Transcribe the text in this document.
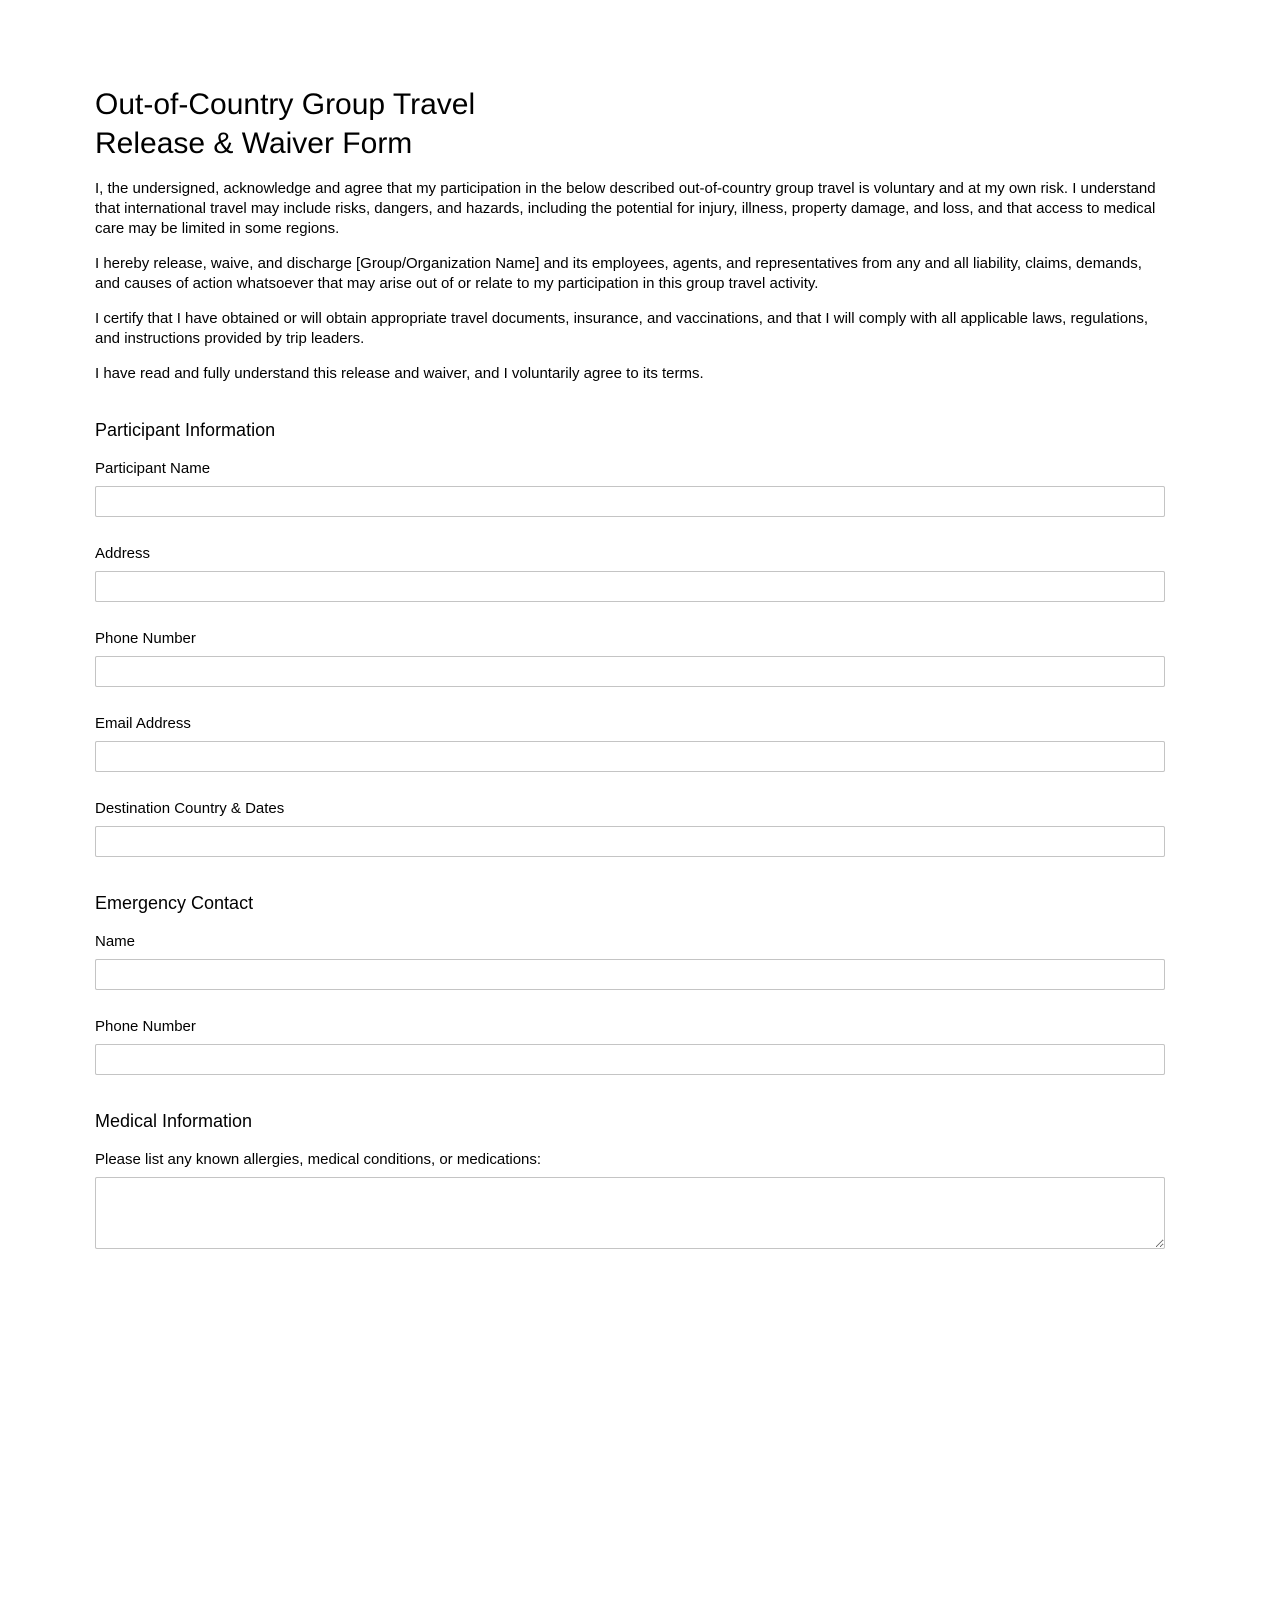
Out-of-Country Group Travel
Release & Waiver Form

I, the undersigned, acknowledge and agree that my participation in the below described out-of-country group travel is voluntary and at my own risk. I understand that international travel may include risks, dangers, and hazards, including the potential for injury, illness, property damage, and loss, and that access to medical care may be limited in some regions.

I hereby release, waive, and discharge [Group/Organization Name] and its employees, agents, and representatives from any and all liability, claims, demands, and causes of action whatsoever that may arise out of or relate to my participation in this group travel activity.

I certify that I have obtained or will obtain appropriate travel documents, insurance, and vaccinations, and that I will comply with all applicable laws, regulations, and instructions provided by trip leaders.

I have read and fully understand this release and waiver, and I voluntarily agree to its terms.

Participant Information
Participant Name
Address
Phone Number
Email Address
Destination Country & Dates
Emergency Contact
Name
Phone Number
Medical Information
Please list any known allergies, medical conditions, or medications:
